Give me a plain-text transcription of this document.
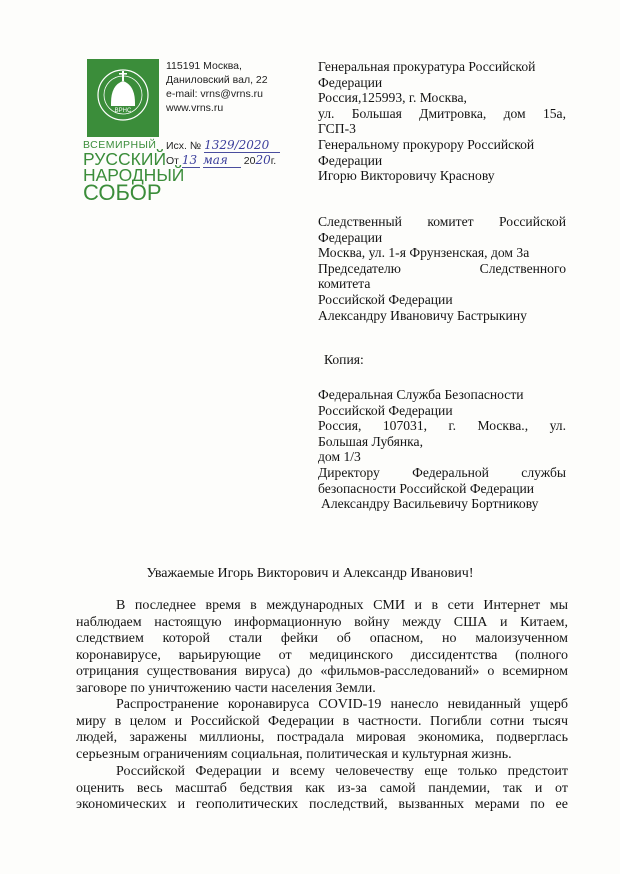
ВРНС
ВСЕМИРНЫЙ
РУССКИЙ
НАРОДНЫЙ
СОБОР
115191 Москва,
Даниловский вал, 22
e-mail: vrns@vrns.ru
www.vrns.ru
Исх. № 1329/2020
От 13 мая 2020г.
Генеральная прокуратура Российской
Федерации
Россия,125993, г. Москва,
ул. Большая Дмитровка, дом 15а,
ГСП-3
Генеральному прокурору Российской
Федерации
Игорю Викторовичу Краснову
Следственный комитет Российской
Федерации
Москва, ул. 1-я Фрунзенская, дом 3а
Председателю Следственного
комитета
Российской Федерации
Александру Ивановичу Бастрыкину
Копия:
Федеральная Служба Безопасности
Российской Федерации
Россия, 107031, г. Москва., ул.
Большая Лубянка,
дом 1/3
Директору Федеральной службы
безопасности Российской Федерации
Александру Васильевичу Бортникову
Уважаемые Игорь Викторович и Александр Иванович!
В последнее время в международных СМИ и в сети Интернет мы
наблюдаем настоящую информационную войну между США и Китаем,
следствием которой стали фейки об опасном, но малоизученном
коронавирусе, варьирующие от медицинского диссидентства (полного
отрицания существования вируса) до «фильмов-расследований» о всемирном
заговоре по уничтожению части населения Земли.
Распространение коронавируса COVID-19 нанесло невиданный ущерб
миру в целом и Российской Федерации в частности. Погибли сотни тысяч
людей, заражены миллионы, пострадала мировая экономика, подверглась
серьезным ограничениям социальная, политическая и культурная жизнь.
Российской Федерации и всему человечеству еще только предстоит
оценить весь масштаб бедствия как из-за самой пандемии, так и от
экономических и геополитических последствий, вызванных мерами по ее
